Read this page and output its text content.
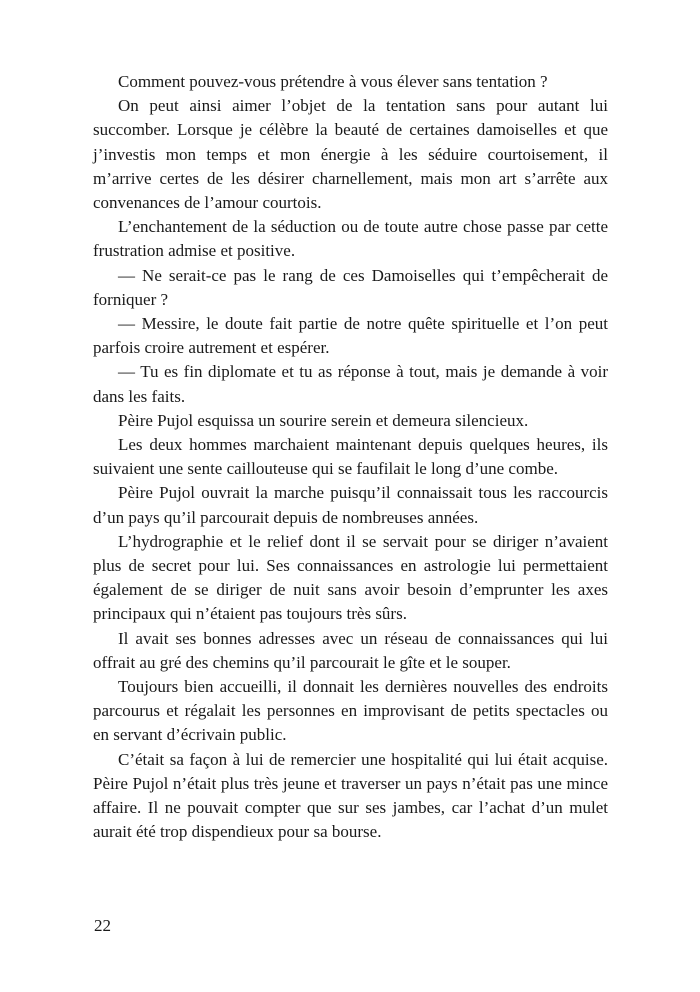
Comment pouvez-vous prétendre à vous élever sans tentation ?

On peut ainsi aimer l’objet de la tentation sans pour autant lui succomber. Lorsque je célèbre la beauté de certaines damoiselles et que j’investis mon temps et mon énergie à les séduire courtoisement, il m’arrive certes de les désirer charnellement, mais mon art s’arrête aux convenances de l’amour courtois.

L’enchantement de la séduction ou de toute autre chose passe par cette frustration admise et positive.

— Ne serait-ce pas le rang de ces Damoiselles qui t’empêcherait de forniquer ?

— Messire, le doute fait partie de notre quête spirituelle et l’on peut parfois croire autrement et espérer.

— Tu es fin diplomate et tu as réponse à tout, mais je demande à voir dans les faits.

Pèire Pujol esquissa un sourire serein et demeura silencieux.

Les deux hommes marchaient maintenant depuis quelques heures, ils suivaient une sente caillouteuse qui se faufilait le long d’une combe.

Pèire Pujol ouvrait la marche puisqu’il connaissait tous les raccourcis d’un pays qu’il parcourait depuis de nombreuses années.

L’hydrographie et le relief dont il se servait pour se diriger n’avaient plus de secret pour lui. Ses connaissances en astrologie lui permettaient également de se diriger de nuit sans avoir besoin d’emprunter les axes principaux qui n’étaient pas toujours très sûrs.

Il avait ses bonnes adresses avec un réseau de connaissances qui lui offrait au gré des chemins qu’il parcourait le gîte et le souper.

Toujours bien accueilli, il donnait les dernières nouvelles des endroits parcourus et régalait les personnes en improvisant de petits spectacles ou en servant d’écrivain public.

C’était sa façon à lui de remercier une hospitalité qui lui était acquise. Pèire Pujol n’était plus très jeune et traverser un pays n’était pas une mince affaire. Il ne pouvait compter que sur ses jambes, car l’achat d’un mulet aurait été trop dispendieux pour sa bourse.

22
